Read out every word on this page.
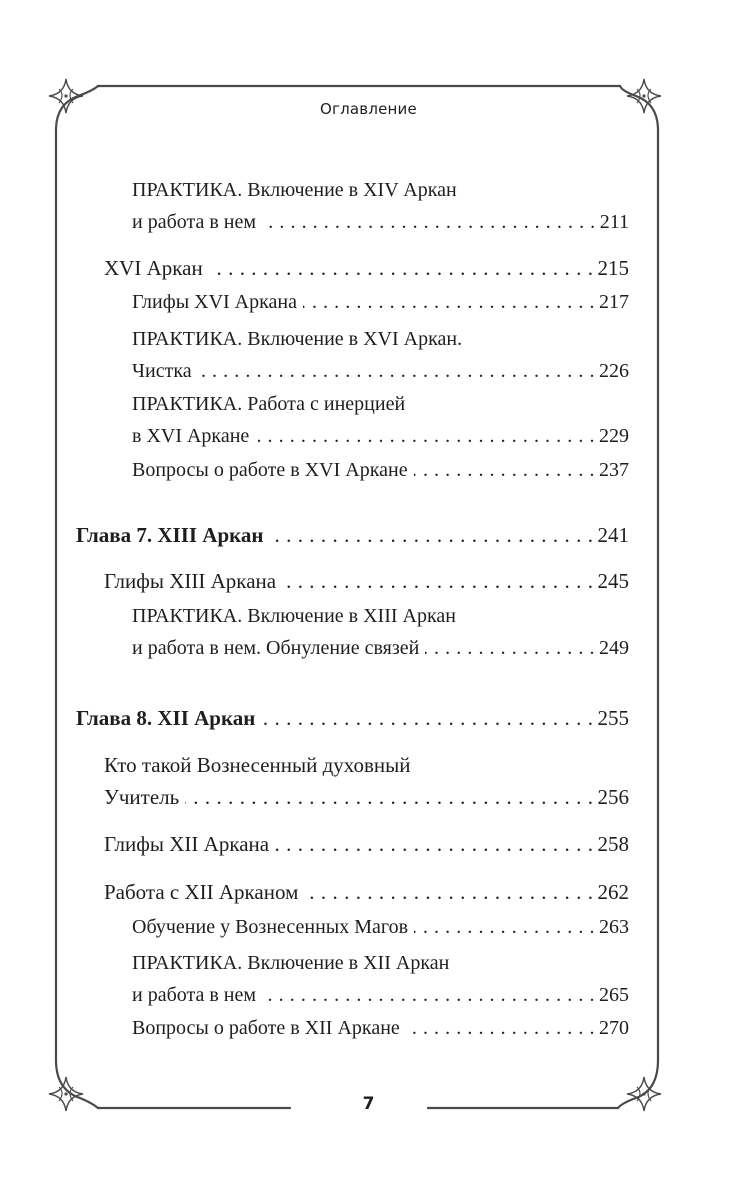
Оглавление
ПРАКТИКА. Включение в XIV Аркан
и работа в нем . . .	211
XVI Аркан . . .	215
Глифы XVI Аркана . . .	217
ПРАКТИКА. Включение в XVI Аркан.
Чистка . . .	226
ПРАКТИКА. Работа с инерцией
в XVI Аркане . . .	229
Вопросы о работе в XVI Аркане . . .	237
Глава 7. XIII Аркан . . .	241
Глифы XIII Аркана . . .	245
ПРАКТИКА. Включение в XIII Аркан
и работа в нем. Обнуление связей . . .	249
Глава 8. XII Аркан . . .	255
Кто такой Вознесенный духовный
Учитель . . .	256
Глифы XII Аркана . . .	258
Работа с XII Арканом . . .	262
Обучение у Вознесенных Магов . . .	263
ПРАКТИКА. Включение в XII Аркан
и работа в нем . . .	265
Вопросы о работе в XII Аркане . . .	270
7
